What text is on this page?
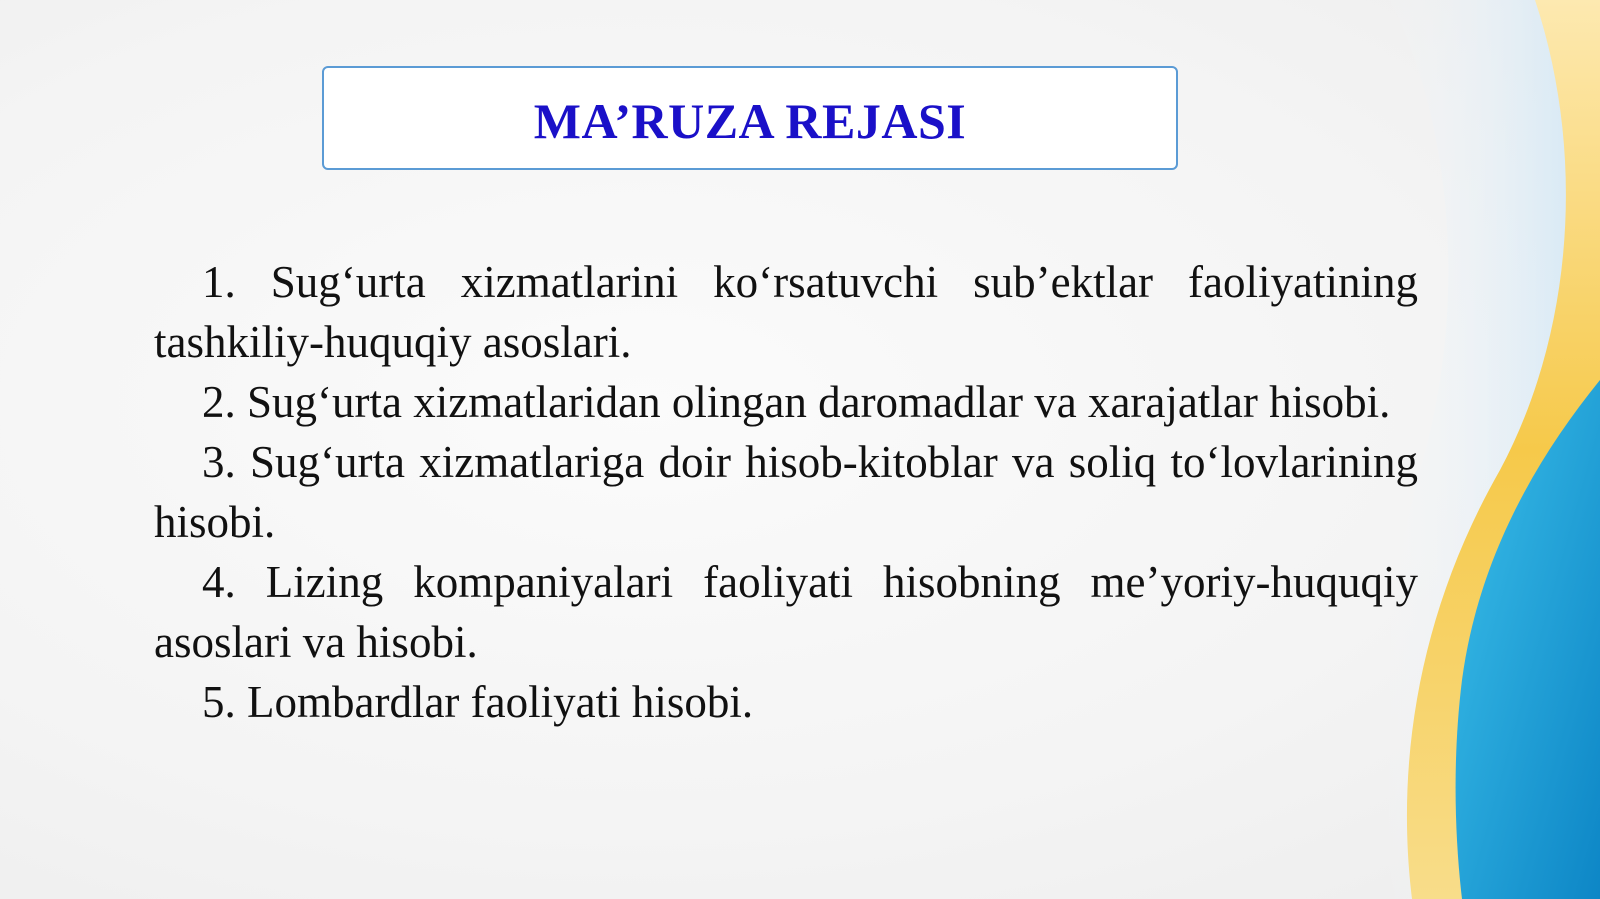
MA’RUZA REJASI

1. Sug‘urta xizmatlarini ko‘rsatuvchi sub’ektlar faoliyatining tashkiliy-huquqiy asoslari.

2. Sug‘urta xizmatlaridan olingan daromadlar va xarajatlar hisobi.

3. Sug‘urta xizmatlariga doir hisob-kitoblar va soliq to‘lovlarining hisobi.

4. Lizing kompaniyalari faoliyati hisobning me’yoriy-huquqiy asoslari va hisobi.

5. Lombardlar faoliyati hisobi.
